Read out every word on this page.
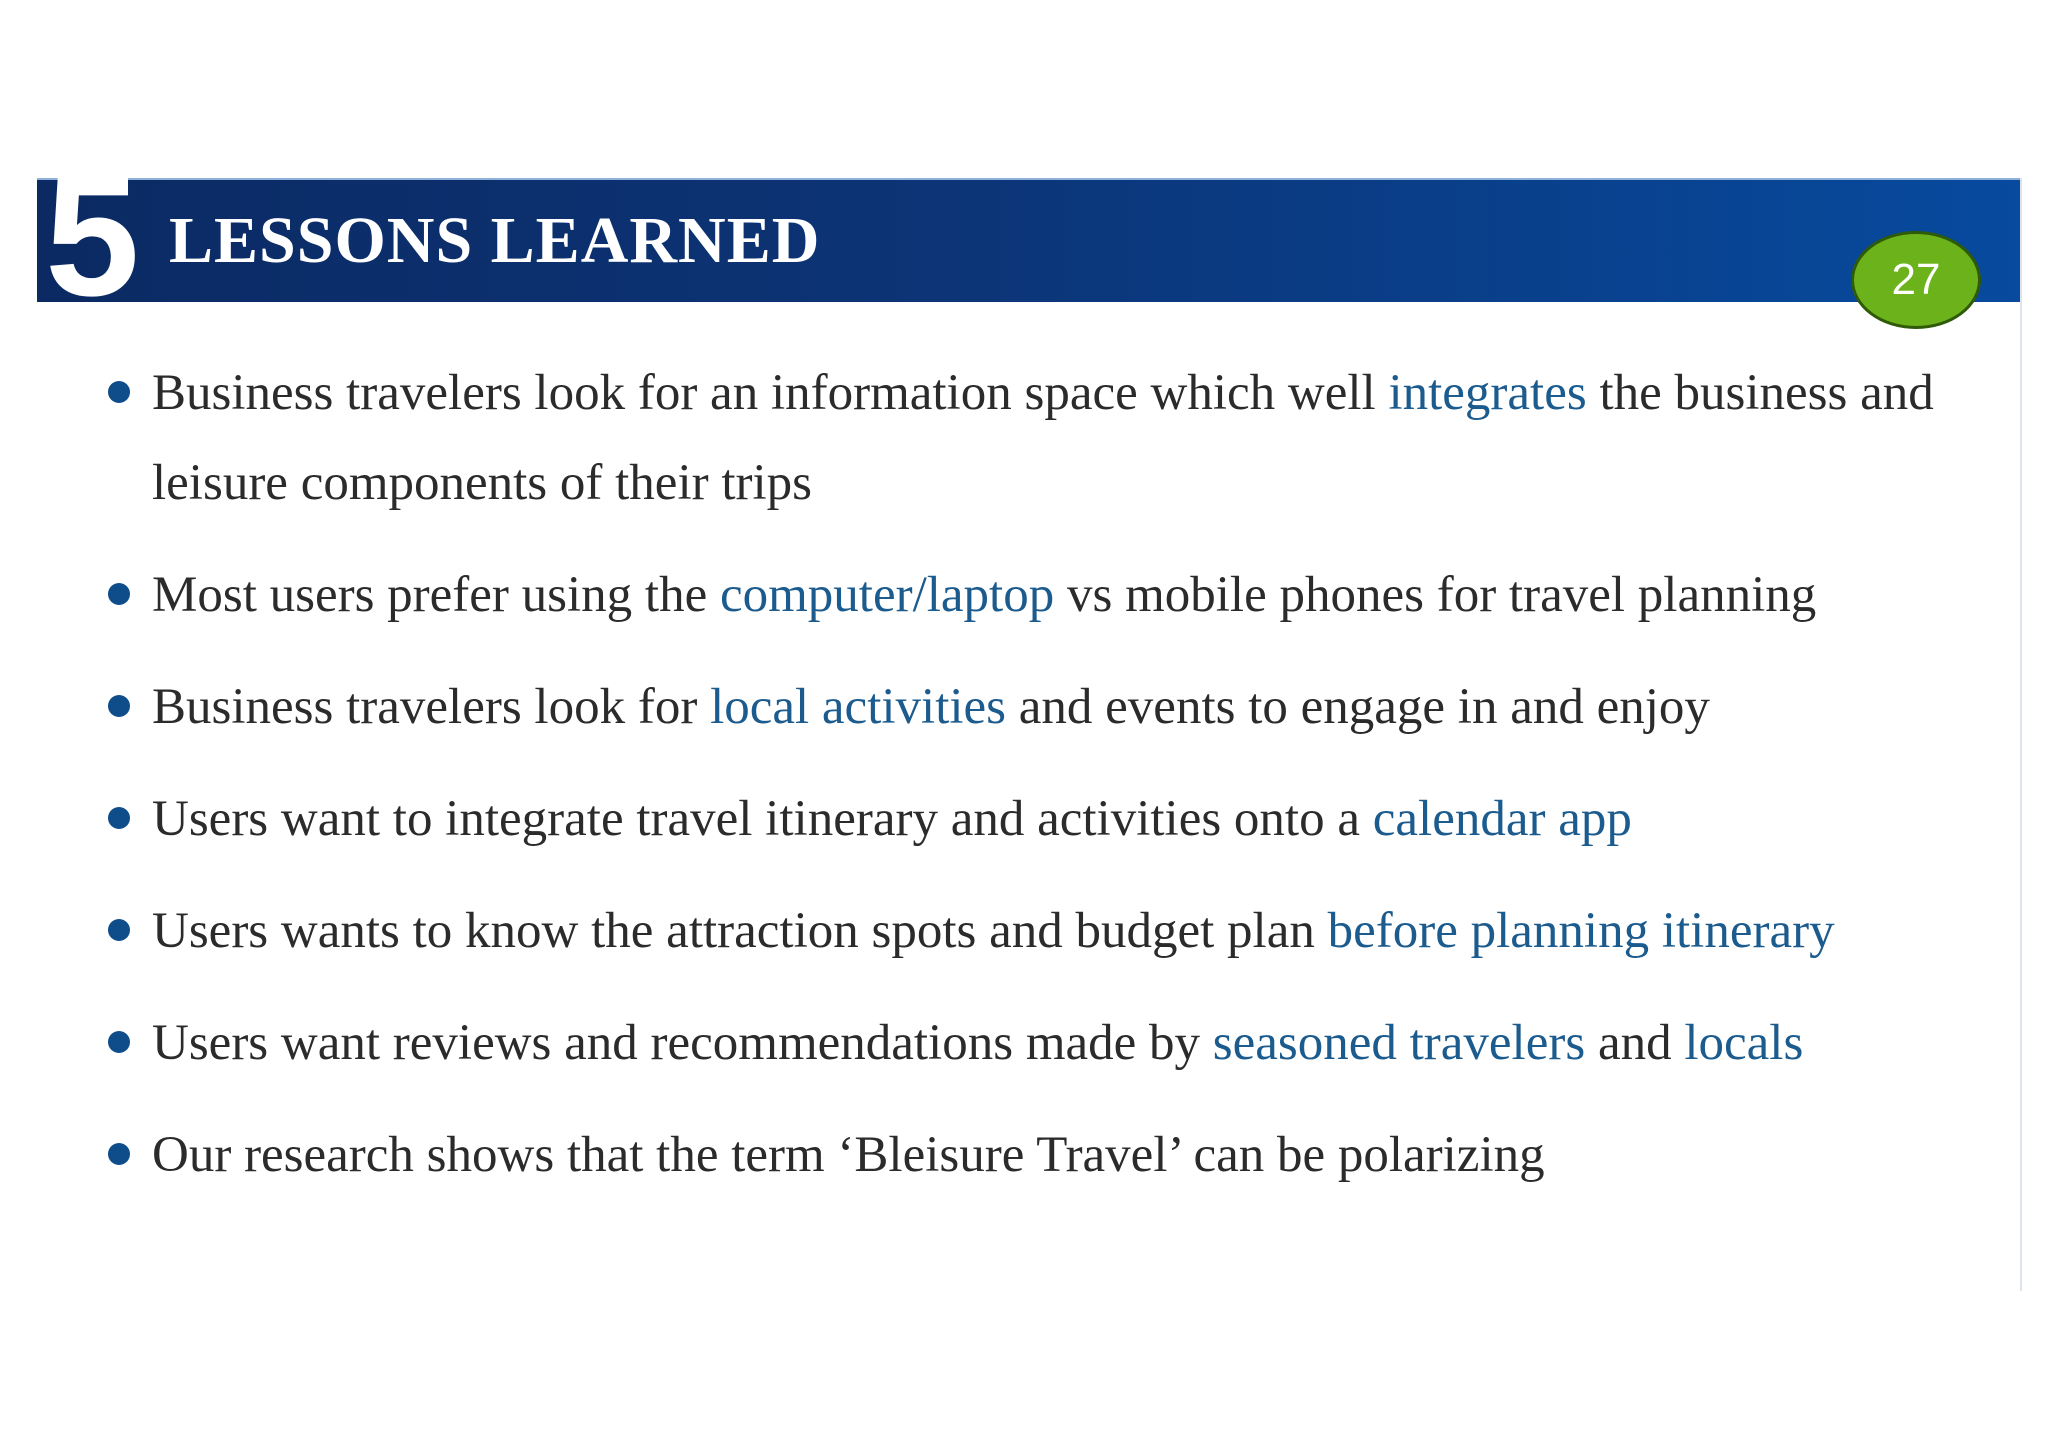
5 LESSONS LEARNED
27
Business travelers look for an information space which well integrates the business and leisure components of their trips
Most users prefer using the computer/laptop vs mobile phones for travel planning
Business travelers look for local activities and events to engage in and enjoy
Users want to integrate travel itinerary and activities onto a calendar app
Users wants to know the attraction spots and budget plan before planning itinerary
Users want reviews and recommendations made by seasoned travelers and locals
Our research shows that the term ‘Bleisure Travel’ can be polarizing
